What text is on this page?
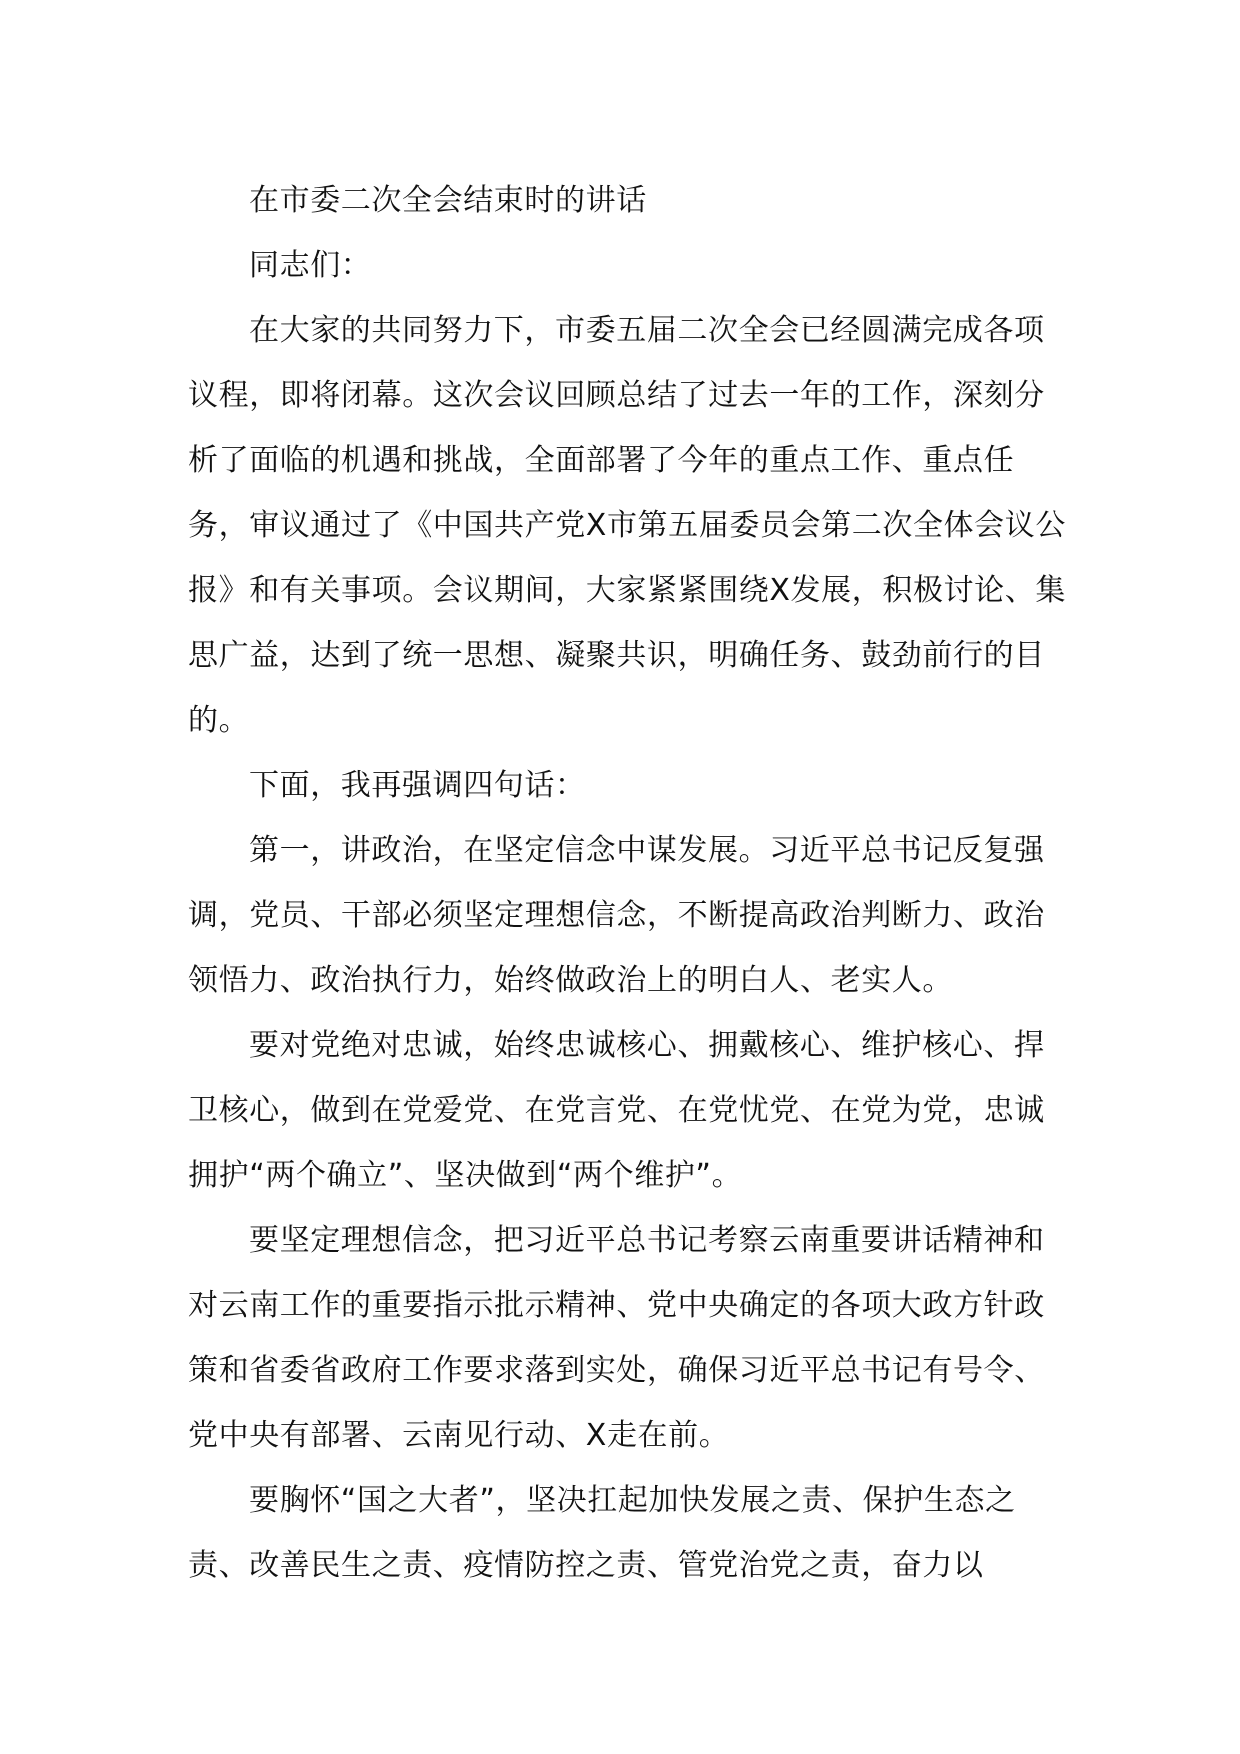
在市委二次全会结束时的讲话

同志们：

在大家的共同努力下，市委五届二次全会已经圆满完成各项议程，即将闭幕。这次会议回顾总结了过去一年的工作，深刻分析了面临的机遇和挑战，全面部署了今年的重点工作、重点任务，审议通过了《中国共产党X市第五届委员会第二次全体会议公报》和有关事项。会议期间，大家紧紧围绕X发展，积极讨论、集思广益，达到了统一思想、凝聚共识，明确任务、鼓劲前行的目的。

下面，我再强调四句话：

第一，讲政治，在坚定信念中谋发展。习近平总书记反复强调，党员、干部必须坚定理想信念，不断提高政治判断力、政治领悟力、政治执行力，始终做政治上的明白人、老实人。

要对党绝对忠诚，始终忠诚核心、拥戴核心、维护核心、捍卫核心，做到在党爱党、在党言党、在党忧党、在党为党，忠诚拥护“两个确立”、坚决做到“两个维护”。

要坚定理想信念，把习近平总书记考察云南重要讲话精神和对云南工作的重要指示批示精神、党中央确定的各项大政方针政策和省委省政府工作要求落到实处，确保习近平总书记有号令、党中央有部署、云南见行动、X走在前。

要胸怀“国之大者”，坚决扛起加快发展之责、保护生态之责、改善民生之责、疫情防控之责、管党治党之责，奋力以
